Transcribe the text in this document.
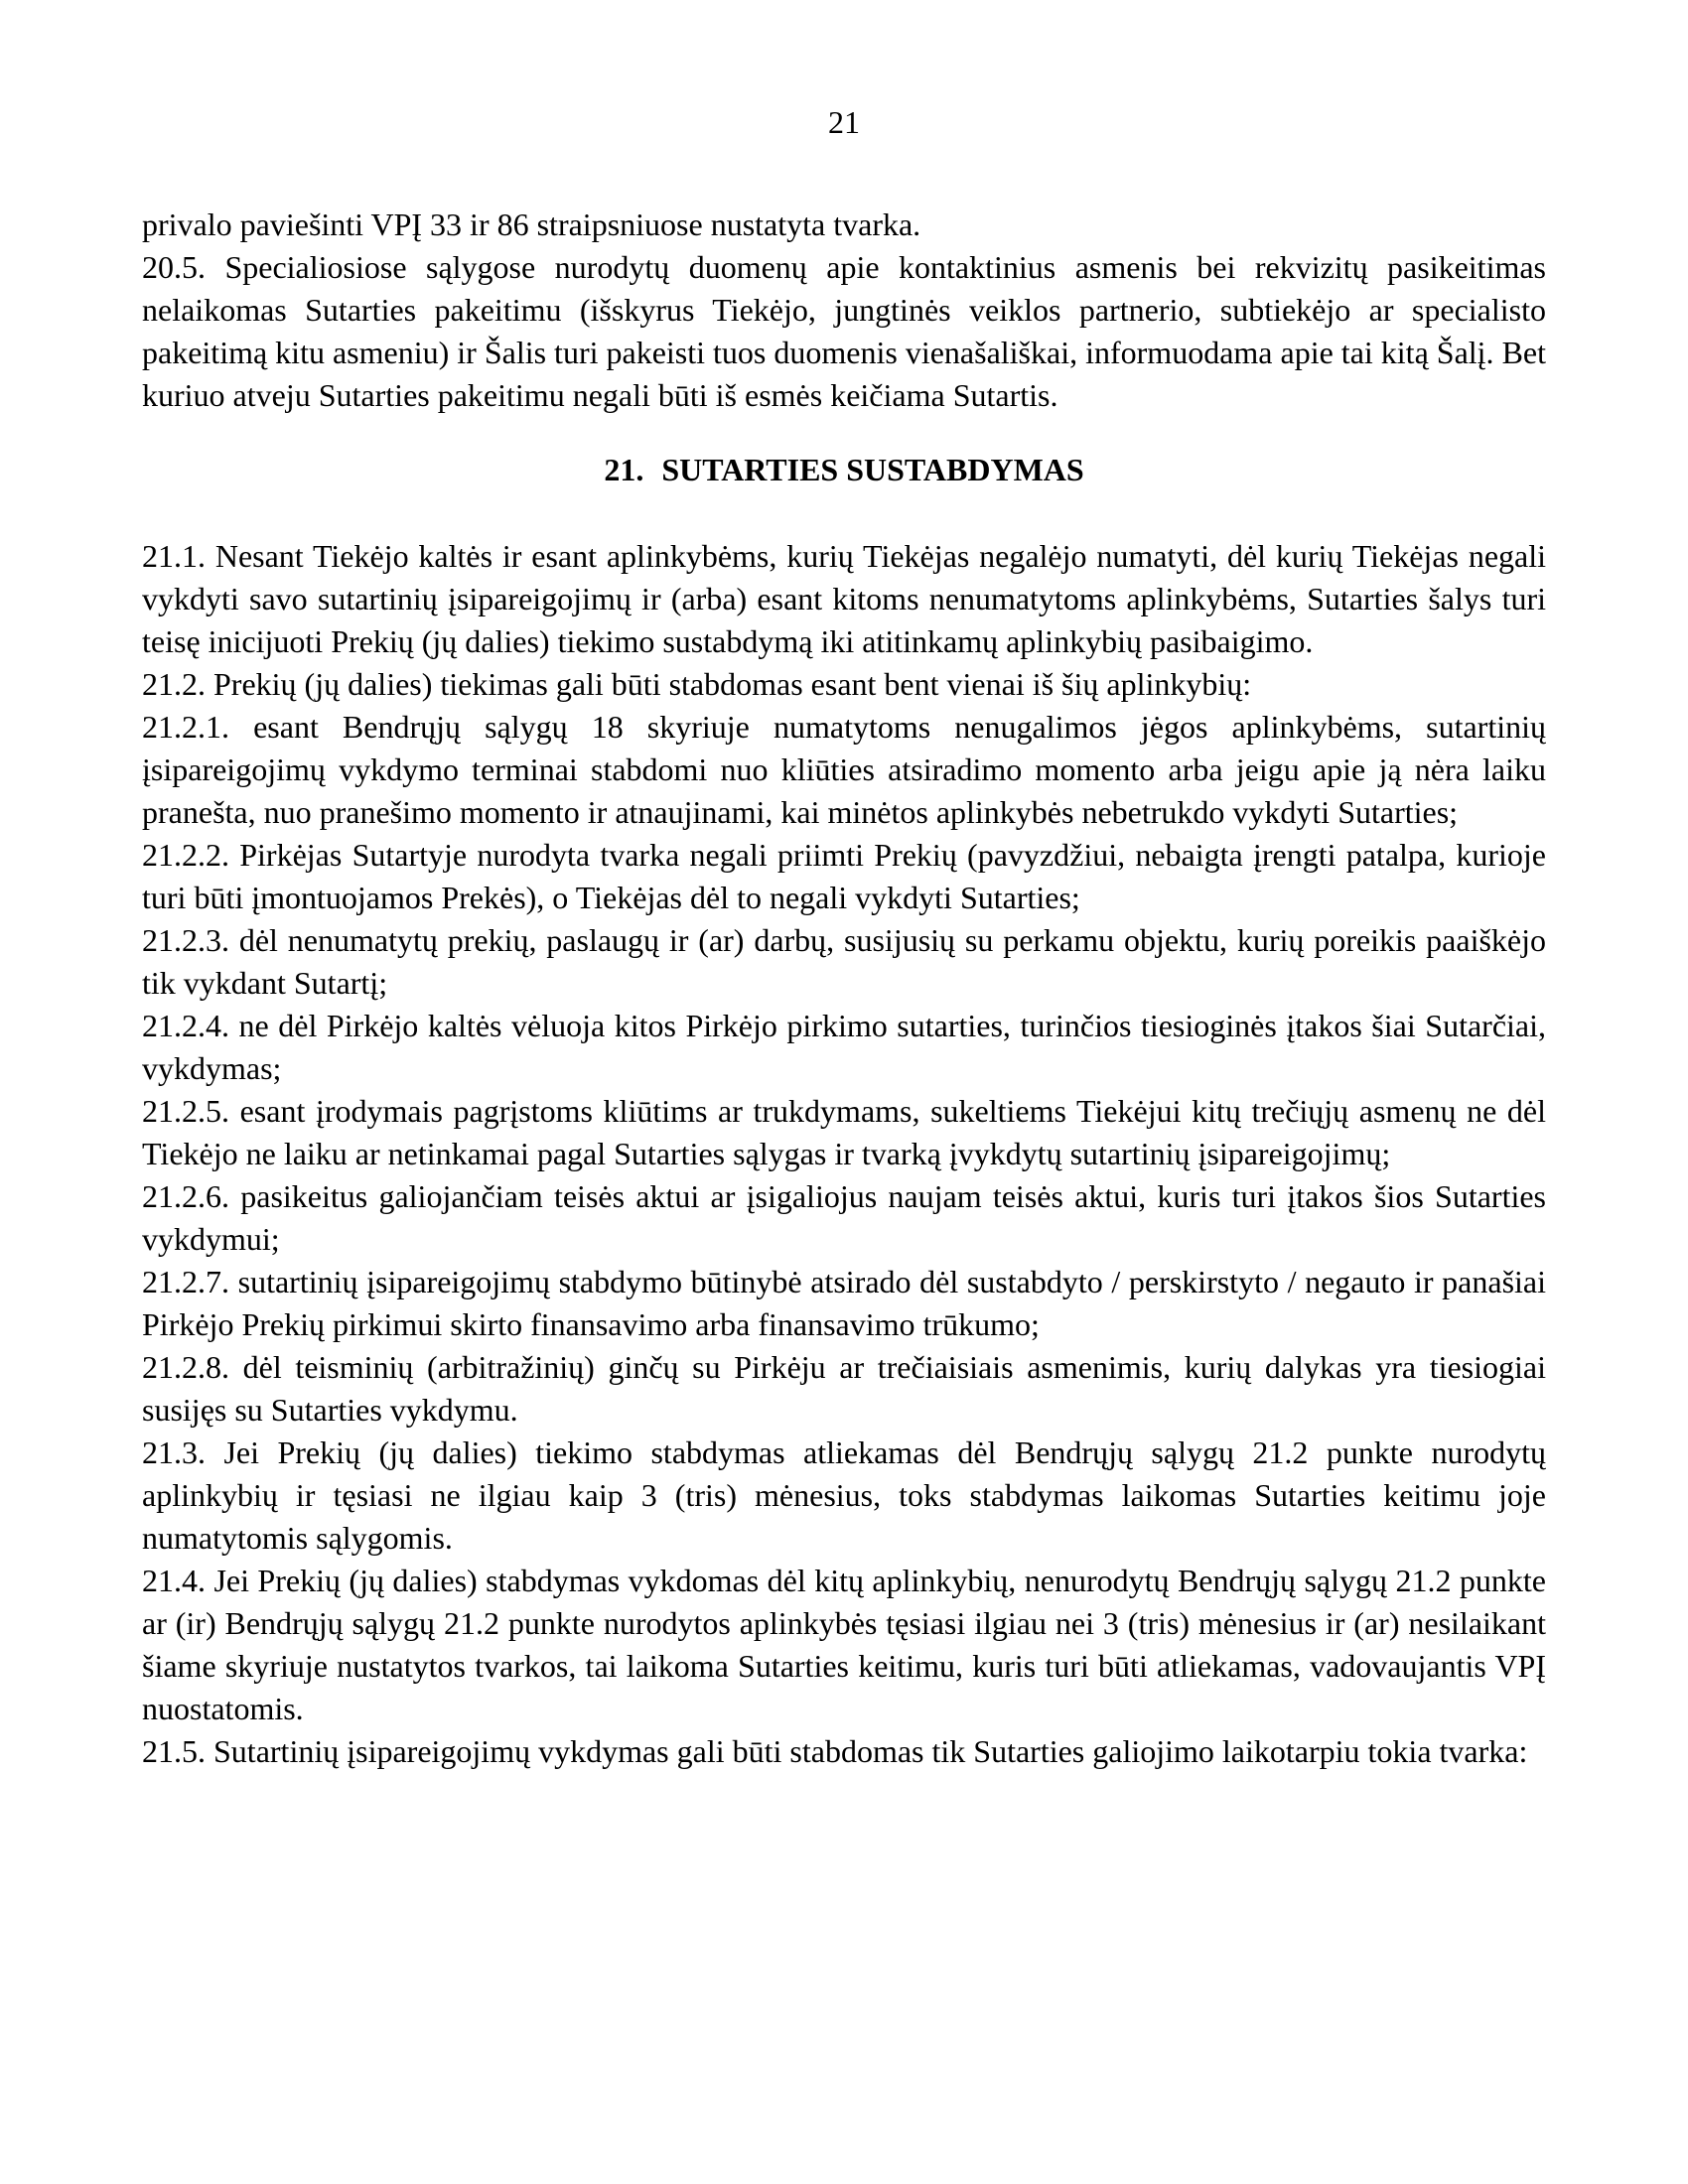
21

privalo paviešinti VPĮ 33 ir 86 straipsniuose nustatyta tvarka.

20.5. Specialiosiose sąlygose nurodytų duomenų apie kontaktinius asmenis bei rekvizitų pasikeitimas nelaikomas Sutarties pakeitimu (išskyrus Tiekėjo, jungtinės veiklos partnerio, subtiekėjo ar specialisto pakeitimą kitu asmeniu) ir Šalis turi pakeisti tuos duomenis vienašališkai, informuodama apie tai kitą Šalį. Bet kuriuo atveju Sutarties pakeitimu negali būti iš esmės keičiama Sutartis.

21. SUTARTIES SUSTABDYMAS

21.1. Nesant Tiekėjo kaltės ir esant aplinkybėms, kurių Tiekėjas negalėjo numatyti, dėl kurių Tiekėjas negali vykdyti savo sutartinių įsipareigojimų ir (arba) esant kitoms nenumatytoms aplinkybėms, Sutarties šalys turi teisę inicijuoti Prekių (jų dalies) tiekimo sustabdymą iki atitinkamų aplinkybių pasibaigimo.

21.2. Prekių (jų dalies) tiekimas gali būti stabdomas esant bent vienai iš šių aplinkybių:

21.2.1. esant Bendrųjų sąlygų 18 skyriuje numatytoms nenugalimos jėgos aplinkybėms, sutartinių įsipareigojimų vykdymo terminai stabdomi nuo kliūties atsiradimo momento arba jeigu apie ją nėra laiku pranešta, nuo pranešimo momento ir atnaujinami, kai minėtos aplinkybės nebetrukdo vykdyti Sutarties;

21.2.2. Pirkėjas Sutartyje nurodyta tvarka negali priimti Prekių (pavyzdžiui, nebaigta įrengti patalpa, kurioje turi būti įmontuojamos Prekės), o Tiekėjas dėl to negali vykdyti Sutarties;

21.2.3. dėl nenumatytų prekių, paslaugų ir (ar) darbų, susijusių su perkamu objektu, kurių poreikis paaiškėjo tik vykdant Sutartį;

21.2.4. ne dėl Pirkėjo kaltės vėluoja kitos Pirkėjo pirkimo sutarties, turinčios tiesioginės įtakos šiai Sutarčiai, vykdymas;

21.2.5. esant įrodymais pagrįstoms kliūtims ar trukdymams, sukeltiems Tiekėjui kitų trečiųjų asmenų ne dėl Tiekėjo ne laiku ar netinkamai pagal Sutarties sąlygas ir tvarką įvykdytų sutartinių įsipareigojimų;

21.2.6. pasikeitus galiojančiam teisės aktui ar įsigaliojus naujam teisės aktui, kuris turi įtakos šios Sutarties vykdymui;

21.2.7. sutartinių įsipareigojimų stabdymo būtinybė atsirado dėl sustabdyto / perskirstyto / negauto ir panašiai Pirkėjo Prekių pirkimui skirto finansavimo arba finansavimo trūkumo;

21.2.8. dėl teisminių (arbitražinių) ginčų su Pirkėju ar trečiaisiais asmenimis, kurių dalykas yra tiesiogiai susijęs su Sutarties vykdymu.

21.3. Jei Prekių (jų dalies) tiekimo stabdymas atliekamas dėl Bendrųjų sąlygų 21.2 punkte nurodytų aplinkybių ir tęsiasi ne ilgiau kaip 3 (tris) mėnesius, toks stabdymas laikomas Sutarties keitimu joje numatytomis sąlygomis.

21.4. Jei Prekių (jų dalies) stabdymas vykdomas dėl kitų aplinkybių, nenurodytų Bendrųjų sąlygų 21.2 punkte ar (ir) Bendrųjų sąlygų 21.2 punkte nurodytos aplinkybės tęsiasi ilgiau nei 3 (tris) mėnesius ir (ar) nesilaikant šiame skyriuje nustatytos tvarkos, tai laikoma Sutarties keitimu, kuris turi būti atliekamas, vadovaujantis VPĮ nuostatomis.

21.5. Sutartinių įsipareigojimų vykdymas gali būti stabdomas tik Sutarties galiojimo laikotarpiu tokia tvarka:
